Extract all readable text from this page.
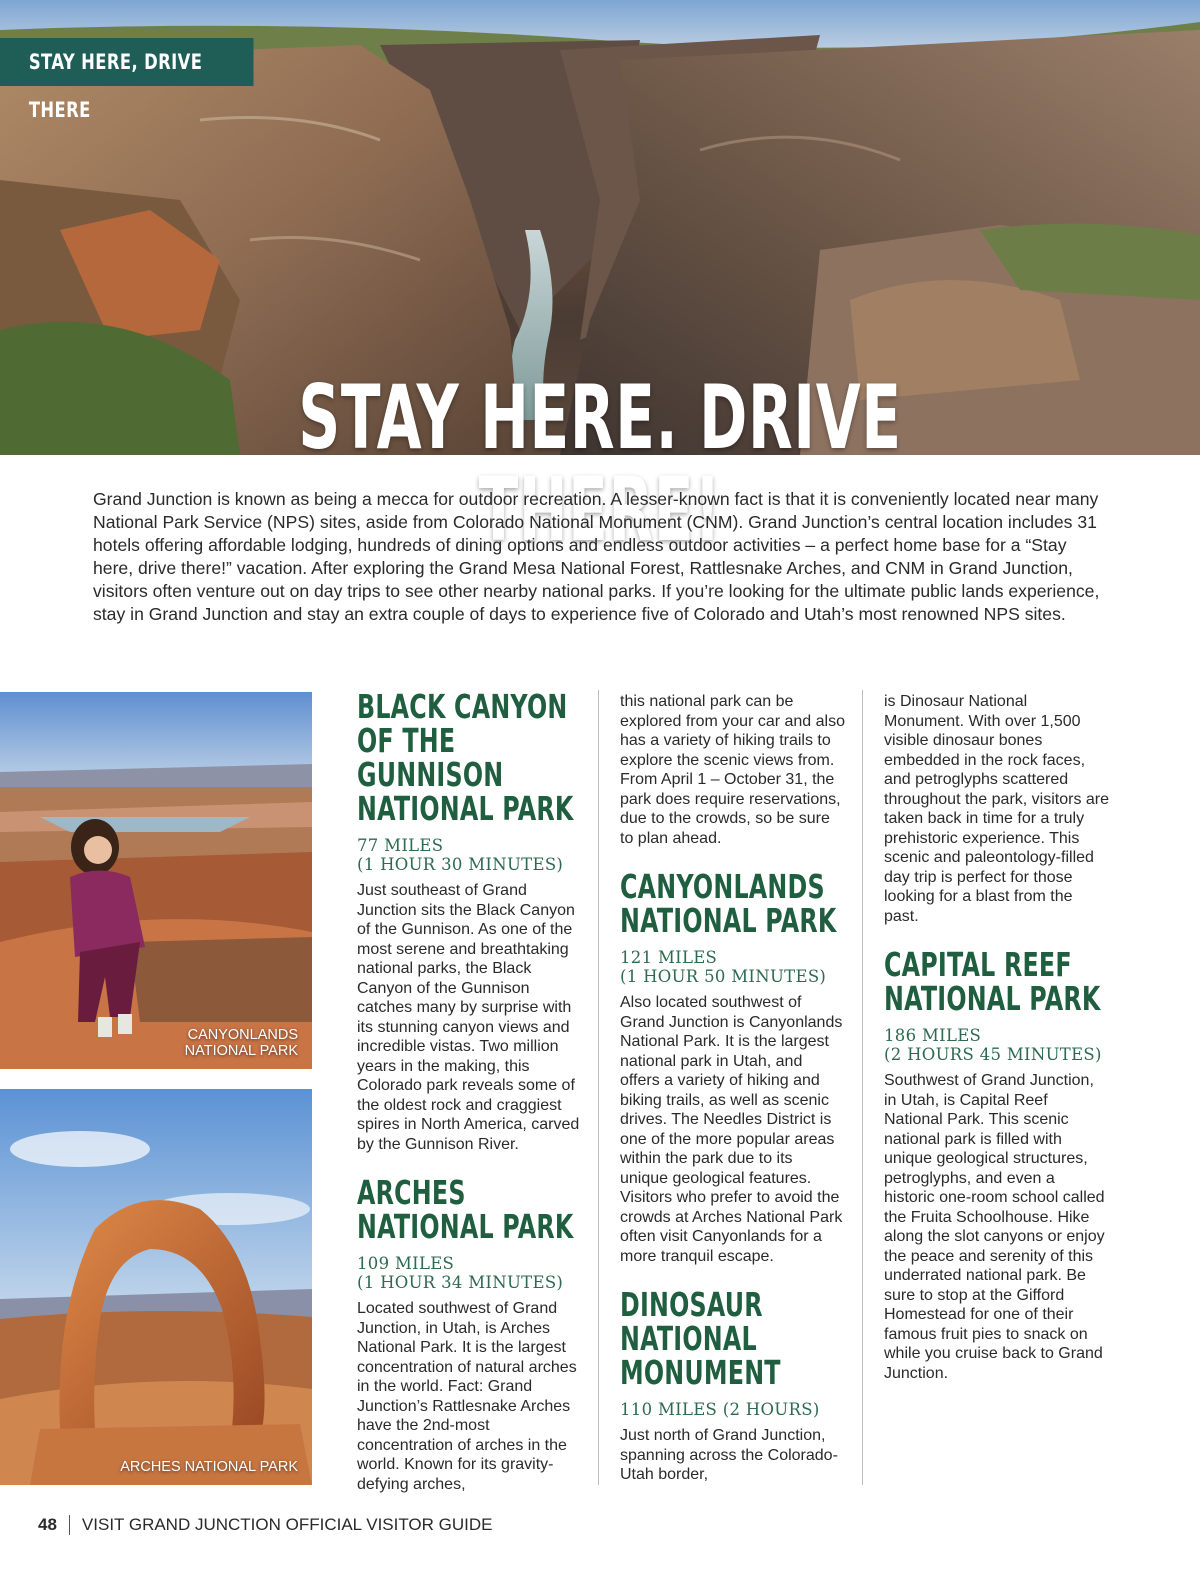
STAY HERE, DRIVE THERE
STAY HERE. DRIVE THERE!

Grand Junction is known as being a mecca for outdoor recreation. A lesser-known fact is that it is conveniently located near many National Park Service (NPS) sites, aside from Colorado National Monument (CNM). Grand Junction’s central location includes 31 hotels offering affordable lodging, hundreds of dining options and endless outdoor activities – a perfect home base for a “Stay here, drive there!” vacation. After exploring the Grand Mesa National Forest, Rattlesnake Arches, and CNM in Grand Junction, visitors often venture out on day trips to see other nearby national parks. If you’re looking for the ultimate public lands experience, stay in Grand Junction and stay an extra couple of days to experience five of Colorado and Utah’s most renowned NPS sites.

CANYONLANDS
NATIONAL PARK
ARCHES NATIONAL PARK
BLACK CANYON
OF THE GUNNISON
NATIONAL PARK
77 MILES
(1 HOUR 30 MINUTES)

Just southeast of Grand Junction sits the Black Canyon of the Gunnison. As one of the most serene and breathtaking national parks, the Black Canyon of the Gunnison catches many by surprise with its stunning canyon views and incredible vistas. Two million years in the making, this Colorado park reveals some of the oldest rock and craggiest spires in North America, carved by the Gunnison River.

ARCHES
NATIONAL PARK
109 MILES
(1 HOUR 34 MINUTES)

Located southwest of Grand Junction, in Utah, is Arches National Park. It is the largest concentration of natural arches in the world. Fact: Grand Junction’s Rattlesnake Arches have the 2nd-most concentration of arches in the world. Known for its gravity-defying arches,

this national park can be explored from your car and also has a variety of hiking trails to explore the scenic views from. From April 1 – October 31, the park does require reservations, due to the crowds, so be sure to plan ahead.

CANYONLANDS
NATIONAL PARK
121 MILES
(1 HOUR 50 MINUTES)

Also located southwest of Grand Junction is Canyonlands National Park. It is the largest national park in Utah, and offers a variety of hiking and biking trails, as well as scenic drives. The Needles District is one of the more popular areas within the park due to its unique geological features. Visitors who prefer to avoid the crowds at Arches National Park often visit Canyonlands for a more tranquil escape.

DINOSAUR NATIONAL
MONUMENT
110 MILES (2 HOURS)

Just north of Grand Junction, spanning across the Colorado-Utah border,

is Dinosaur National Monument. With over 1,500 visible dinosaur bones embedded in the rock faces, and petroglyphs scattered throughout the park, visitors are taken back in time for a truly prehistoric experience. This scenic and paleontology-filled day trip is perfect for those looking for a blast from the past.

CAPITAL REEF
NATIONAL PARK
186 MILES
(2 HOURS 45 MINUTES)

Southwest of Grand Junction, in Utah, is Capital Reef National Park. This scenic national park is filled with unique geological structures, petroglyphs, and even a historic one-room school called the Fruita Schoolhouse. Hike along the slot canyons or enjoy the peace and serenity of this underrated national park. Be sure to stop at the Gifford Homestead for one of their famous fruit pies to snack on while you cruise back to Grand Junction.

48 VISIT GRAND JUNCTION OFFICIAL VISITOR GUIDE
